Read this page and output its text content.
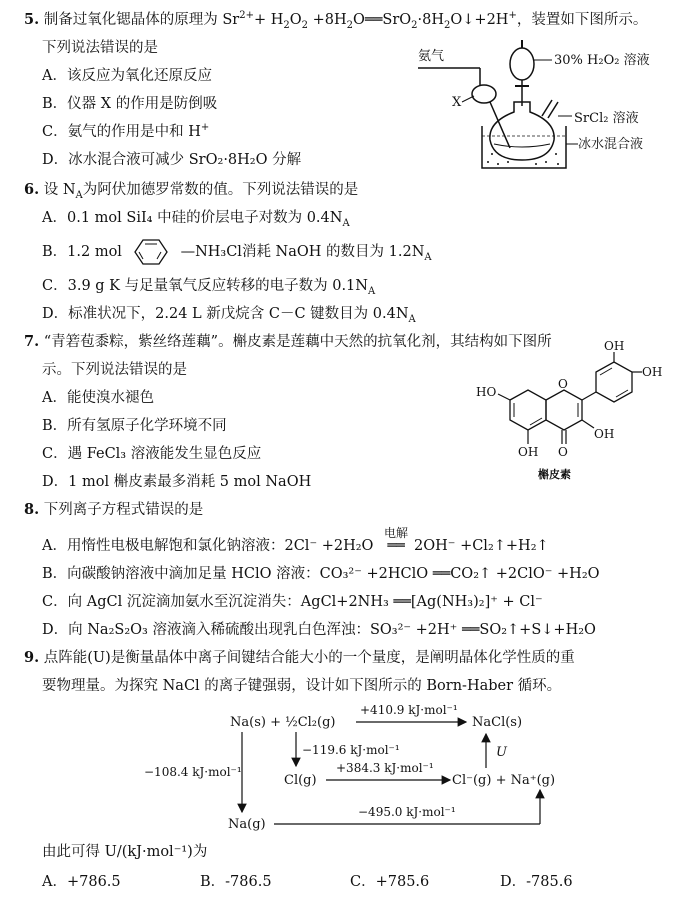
5. 制备过氧化锶晶体的原理为 $Sr^{2+}+ H_2O_2$ $+8H_2O══SrO_2\cdot 8H_2O↓+2H^+$，装置如下图所示。
下列说法错误的是
A．该反应为氧化还原反应
B．仪器 X 的作用是防倒吸
C．氨气的作用是中和 H+
D．冰水混合液可减少 SrO₂·8H₂O 分解
氨气
X
30% H₂O₂ 溶液
SrCl₂ 溶液
冰水混合液
6. 设 $N_A$为阿伏加德罗常数的值。下列说法错误的是
A．0.1 mol SiI₄ 中硅的价层电子对数为 $0.4N_A$
B．1.2 mol	—NH₃Cl消耗 NaOH 的数目为 $1.2N_A$
C．3.9 g K 与足量氧气反应转移的电子数为 $0.1N_A$
D．标准状况下，2.24 L 新戊烷含 C－C 键数目为 $0.4N_A$
7. “青箬苞黍粽，紫丝络莲藕”。槲皮素是莲藕中天然的抗氧化剂，其结构如下图所
示。下列说法错误的是
A．能使溴水褪色
B．所有氢原子化学环境不同
C．遇 FeCl₃ 溶液能发生显色反应
D．1 mol 槲皮素最多消耗 5 mol NaOH
O
O
OH
HO
OH
OH
OH
槲皮素
8. 下列离子方程式错误的是
A．用惰性电极电解饱和氯化钠溶液：2Cl⁻ +2H₂O
电解
══ 2OH⁻ +Cl₂↑+H₂↑
B．向碳酸钠溶液中滴加足量 HClO 溶液：CO₃²⁻ +2HClO ══CO₂↑ +2ClO⁻ +H₂O
C．向 AgCl 沉淀滴加氨水至沉淀消失：AgCl+2NH₃ ══[Ag(NH₃)₂]⁺ + Cl⁻
D．向 Na₂S₂O₃ 溶液滴入稀硫酸出现乳白色浑浊：SO₃²⁻ +2H⁺ ══SO₂↑+S↓+H₂O
9. 点阵能(U)是衡量晶体中离子间键结合能大小的一个量度，是阐明晶体化学性质的重
要物理量。为探究 NaCl 的离子键强弱，设计如下图所示的 Born-Haber 循环。
Na(s) + ½Cl₂(g)	NaCl(s)
+410.9 kJ·mol⁻¹
−119.6 kJ·mol⁻¹
Cl(g)
+384.3 kJ·mol⁻¹
Cl⁻(g) + Na⁺(g)
U
−108.4 kJ·mol⁻¹
Na(g)
−495.0 kJ·mol⁻¹
由此可得 U/(kJ·mol⁻¹)为
A．+786.5	B．-786.5	C．+785.6	D．-785.6
